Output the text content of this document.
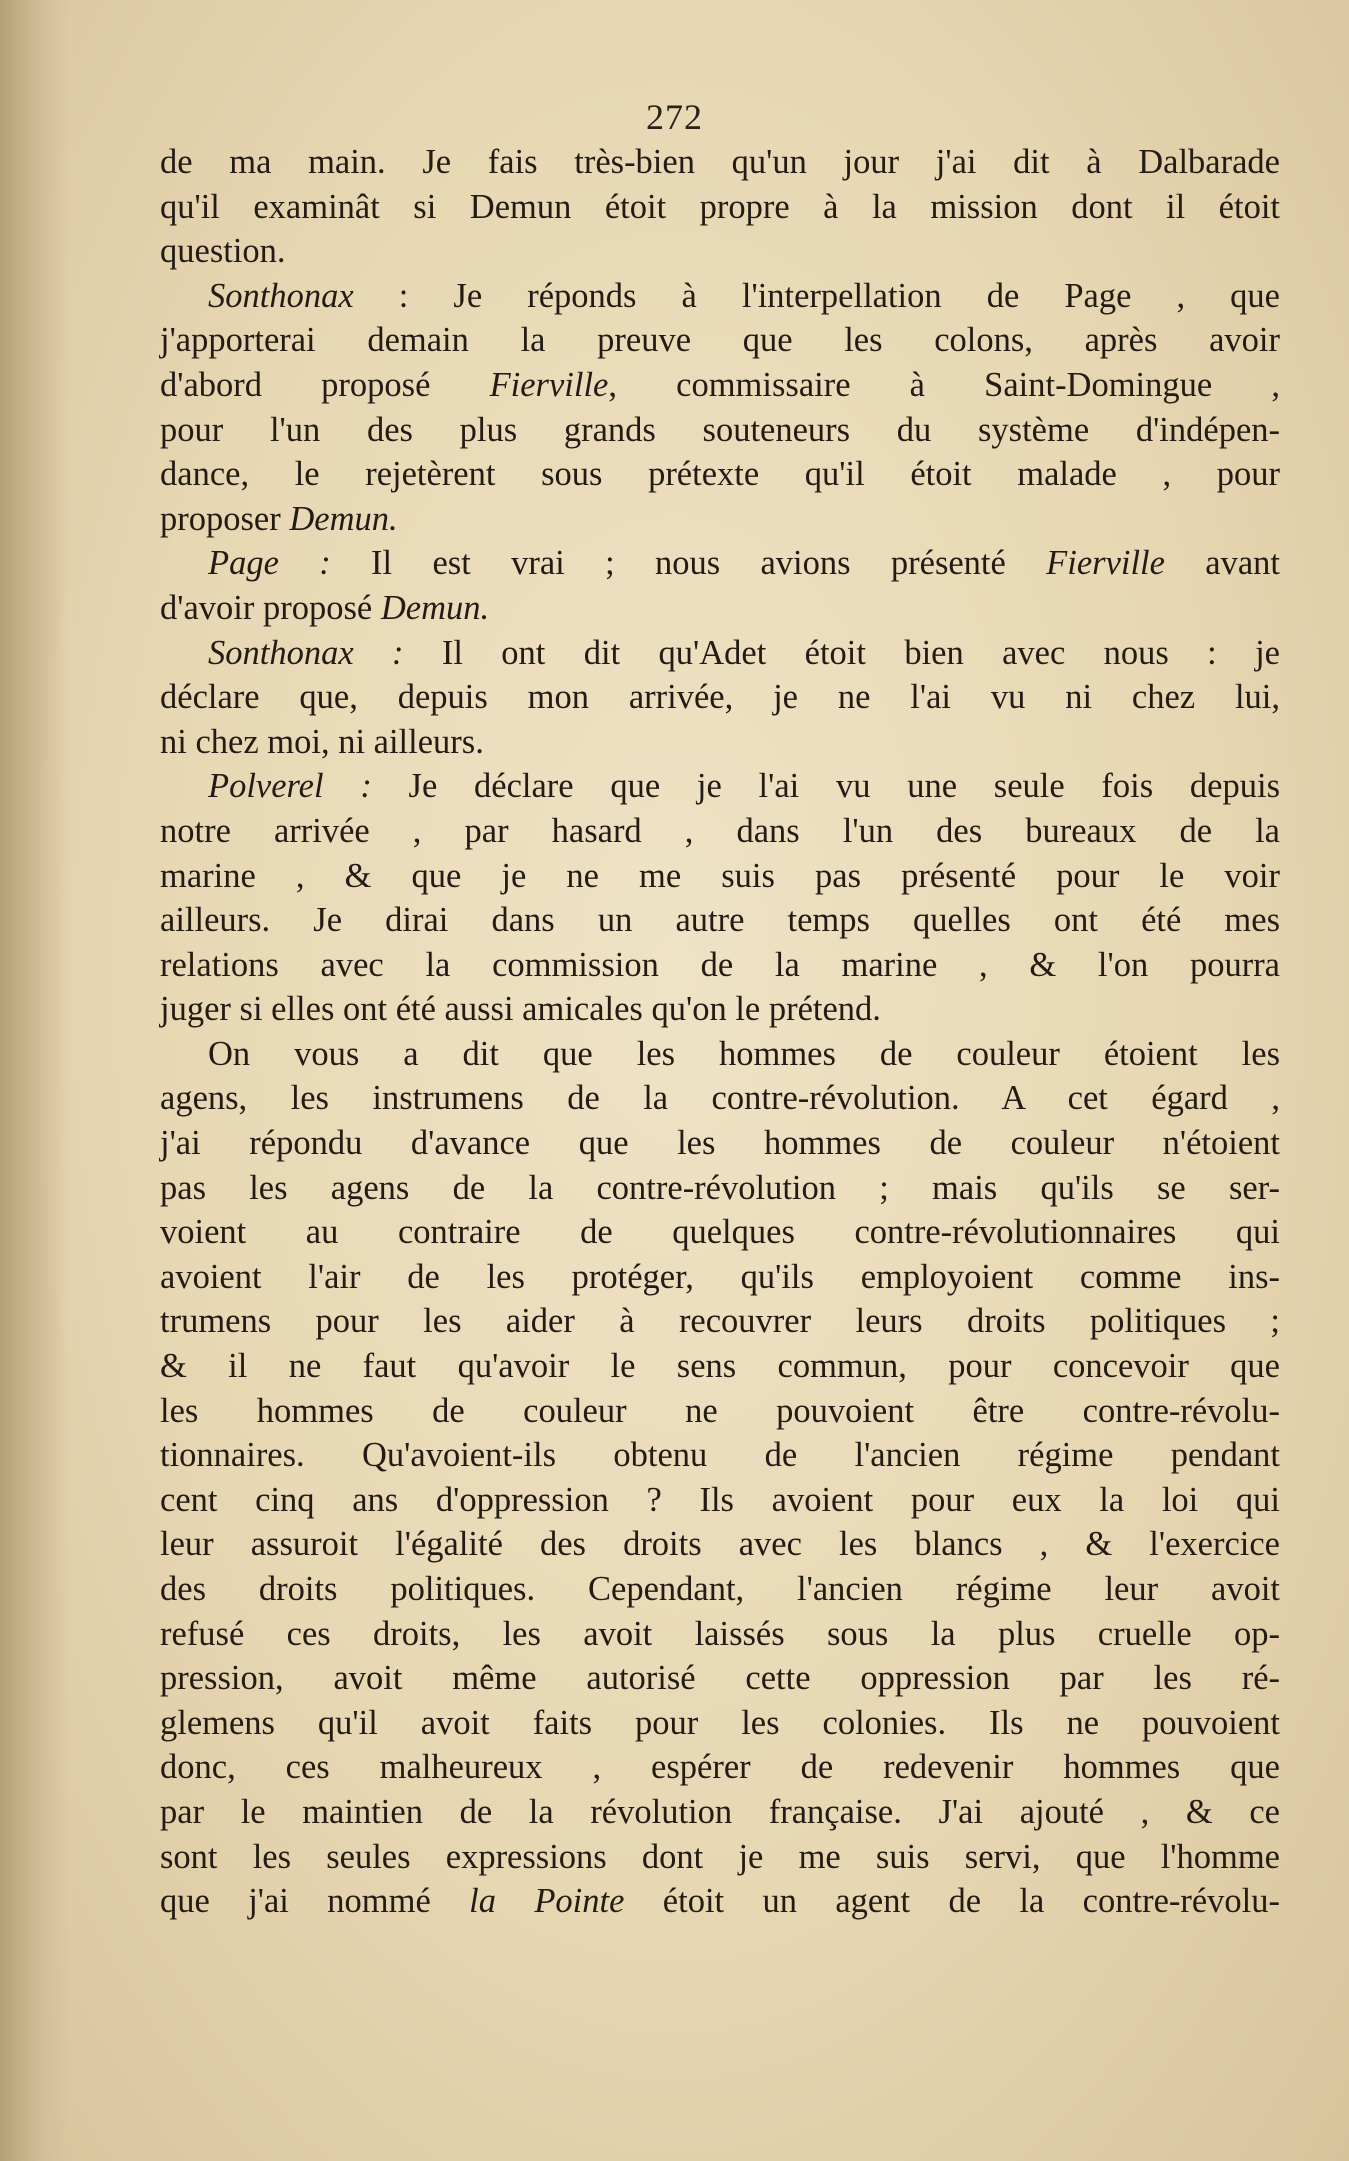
272
de ma main. Je fais très-bien qu'un jour j'ai dit à Dalbarade
qu'il examinât si Demun étoit propre à la mission dont il étoit
question.
Sonthonax : Je réponds à l'interpellation de Page , que
j'apporterai demain la preuve que les colons, après avoir
d'abord proposé Fierville, commissaire à Saint-Domingue ,
pour l'un des plus grands souteneurs du système d'indépen-
dance, le rejetèrent sous prétexte qu'il étoit malade , pour
proposer Demun.
Page : Il est vrai ; nous avions présenté Fierville avant
d'avoir proposé Demun.
Sonthonax : Il ont dit qu'Adet étoit bien avec nous : je
déclare que, depuis mon arrivée, je ne l'ai vu ni chez lui,
ni chez moi, ni ailleurs.
Polverel : Je déclare que je l'ai vu une seule fois depuis
notre arrivée , par hasard , dans l'un des bureaux de la
marine , & que je ne me suis pas présenté pour le voir
ailleurs. Je dirai dans un autre temps quelles ont été mes
relations avec la commission de la marine , & l'on pourra
juger si elles ont été aussi amicales qu'on le prétend.
On vous a dit que les hommes de couleur étoient les
agens, les instrumens de la contre-révolution. A cet égard ,
j'ai répondu d'avance que les hommes de couleur n'étoient
pas les agens de la contre-révolution ; mais qu'ils se ser-
voient au contraire de quelques contre-révolutionnaires qui
avoient l'air de les protéger, qu'ils employoient comme ins-
trumens pour les aider à recouvrer leurs droits politiques ;
& il ne faut qu'avoir le sens commun, pour concevoir que
les hommes de couleur ne pouvoient être contre-révolu-
tionnaires. Qu'avoient-ils obtenu de l'ancien régime pendant
cent cinq ans d'oppression ? Ils avoient pour eux la loi qui
leur assuroit l'égalité des droits avec les blancs , & l'exercice
des droits politiques. Cependant, l'ancien régime leur avoit
refusé ces droits, les avoit laissés sous la plus cruelle op-
pression, avoit même autorisé cette oppression par les ré-
glemens qu'il avoit faits pour les colonies. Ils ne pouvoient
donc, ces malheureux , espérer de redevenir hommes que
par le maintien de la révolution française. J'ai ajouté , & ce
sont les seules expressions dont je me suis servi, que l'homme
que j'ai nommé la Pointe étoit un agent de la contre-révolu-
